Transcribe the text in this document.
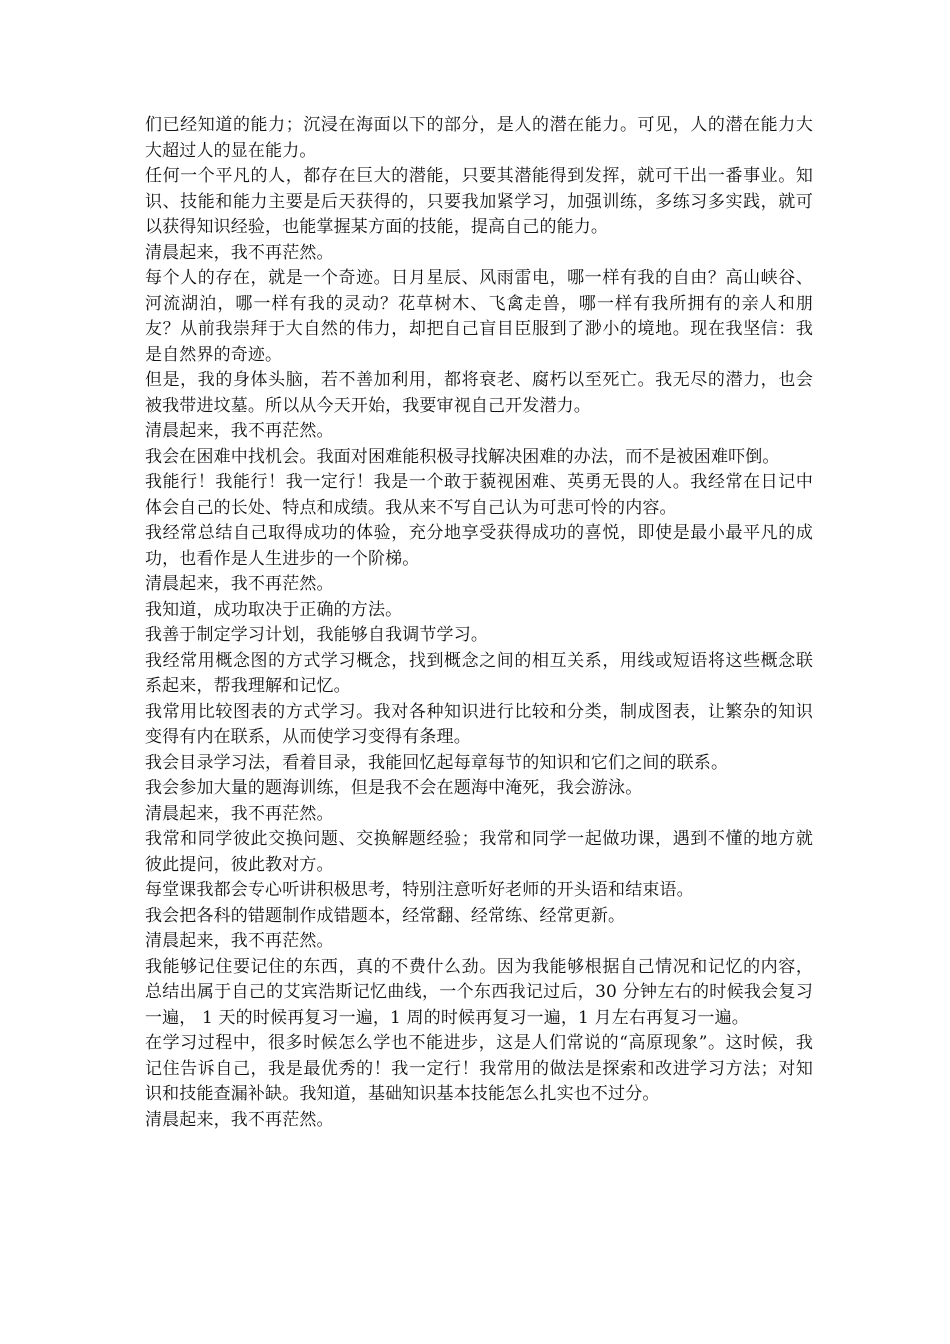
们已经知道的能力；沉浸在海面以下的部分，是人的潜在能力。可见，人的潜在能力大大超过人的显在能力。

任何一个平凡的人，都存在巨大的潜能，只要其潜能得到发挥，就可干出一番事业。知识、技能和能力主要是后天获得的，只要我加紧学习，加强训练，多练习多实践，就可以获得知识经验，也能掌握某方面的技能，提高自己的能力。

清晨起来，我不再茫然。

每个人的存在，就是一个奇迹。日月星辰、风雨雷电，哪一样有我的自由？高山峡谷、河流湖泊，哪一样有我的灵动？花草树木、飞禽走兽，哪一样有我所拥有的亲人和朋友？从前我崇拜于大自然的伟力，却把自己盲目臣服到了渺小的境地。现在我坚信：我是自然界的奇迹。

但是，我的身体头脑，若不善加利用，都将衰老、腐朽以至死亡。我无尽的潜力，也会被我带进坟墓。所以从今天开始，我要审视自己开发潜力。

清晨起来，我不再茫然。

我会在困难中找机会。我面对困难能积极寻找解决困难的办法，而不是被困难吓倒。

我能行！我能行！我一定行！我是一个敢于藐视困难、英勇无畏的人。我经常在日记中体会自己的长处、特点和成绩。我从来不写自己认为可悲可怜的内容。

我经常总结自己取得成功的体验，充分地享受获得成功的喜悦，即使是最小最平凡的成功，也看作是人生进步的一个阶梯。

清晨起来，我不再茫然。

我知道，成功取决于正确的方法。

我善于制定学习计划，我能够自我调节学习。

我经常用概念图的方式学习概念，找到概念之间的相互关系，用线或短语将这些概念联系起来，帮我理解和记忆。

我常用比较图表的方式学习。我对各种知识进行比较和分类，制成图表，让繁杂的知识变得有内在联系，从而使学习变得有条理。

我会目录学习法，看着目录，我能回忆起每章每节的知识和它们之间的联系。

我会参加大量的题海训练，但是我不会在题海中淹死，我会游泳。

清晨起来，我不再茫然。

我常和同学彼此交换问题、交换解题经验；我常和同学一起做功课，遇到不懂的地方就彼此提问，彼此教对方。

每堂课我都会专心听讲积极思考，特别注意听好老师的开头语和结束语。

我会把各科的错题制作成错题本，经常翻、经常练、经常更新。

清晨起来，我不再茫然。

我能够记住要记住的东西，真的不费什么劲。因为我能够根据自己情况和记忆的内容，总结出属于自己的艾宾浩斯记忆曲线，一个东西我记过后，30 分钟左右的时候我会复习一遍， 1 天的时候再复习一遍，1 周的时候再复习一遍，1 月左右再复习一遍。

在学习过程中，很多时候怎么学也不能进步，这是人们常说的“高原现象”。这时候，我记住告诉自己，我是最优秀的！我一定行！我常用的做法是探索和改进学习方法；对知识和技能查漏补缺。我知道，基础知识基本技能怎么扎实也不过分。

清晨起来，我不再茫然。
